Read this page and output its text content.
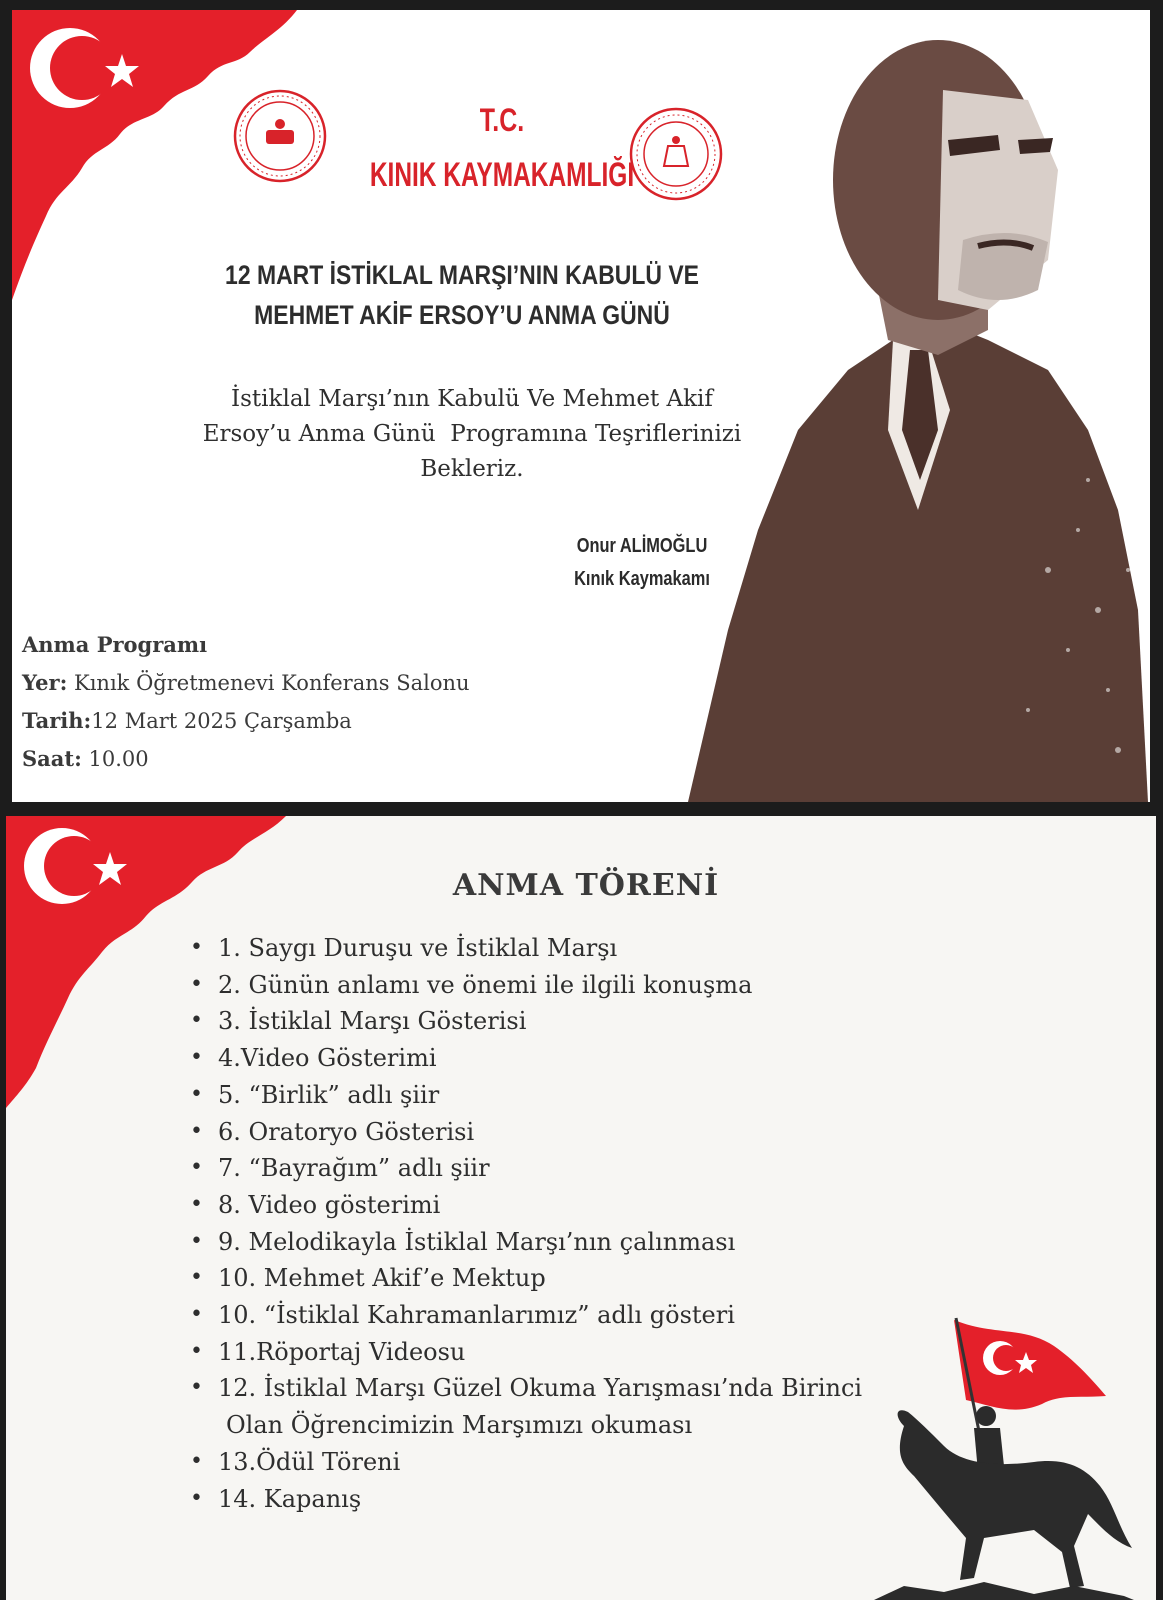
T.C.
KINIK KAYMAKAMLIĞI
12 MART İSTİKLAL MARŞI’NIN KABULÜ VE
MEHMET AKİF ERSOY’U ANMA GÜNÜ
İstiklal Marşı’nın Kabulü Ve Mehmet Akif
Ersoy’u Anma Günü  Programına Teşriflerinizi
Bekleriz.
Onur ALİMOĞLU
Kınık Kaymakamı
Anma Programı
Yer: Kınık Öğretmenevi Konferans Salonu
Tarih:12 Mart 2025 Çarşamba
Saat: 10.00
ANMA TÖRENİ
• 1. Saygı Duruşu ve İstiklal Marşı
• 2. Günün anlamı ve önemi ile ilgili konuşma
• 3. İstiklal Marşı Gösterisi
• 4.Video Gösterimi
• 5. “Birlik” adlı şiir
• 6. Oratoryo Gösterisi
• 7. “Bayrağım” adlı şiir
• 8. Video gösterimi
• 9. Melodikayla İstiklal Marşı’nın çalınması
• 10. Mehmet Akif’e Mektup
• 10. “İstiklal Kahramanlarımız” adlı gösteri
• 11.Röportaj Videosu
• 12. İstiklal Marşı Güzel Okuma Yarışması’nda Birinci
Olan Öğrencimizin Marşımızı okuması
• 13.Ödül Töreni
• 14. Kapanış
